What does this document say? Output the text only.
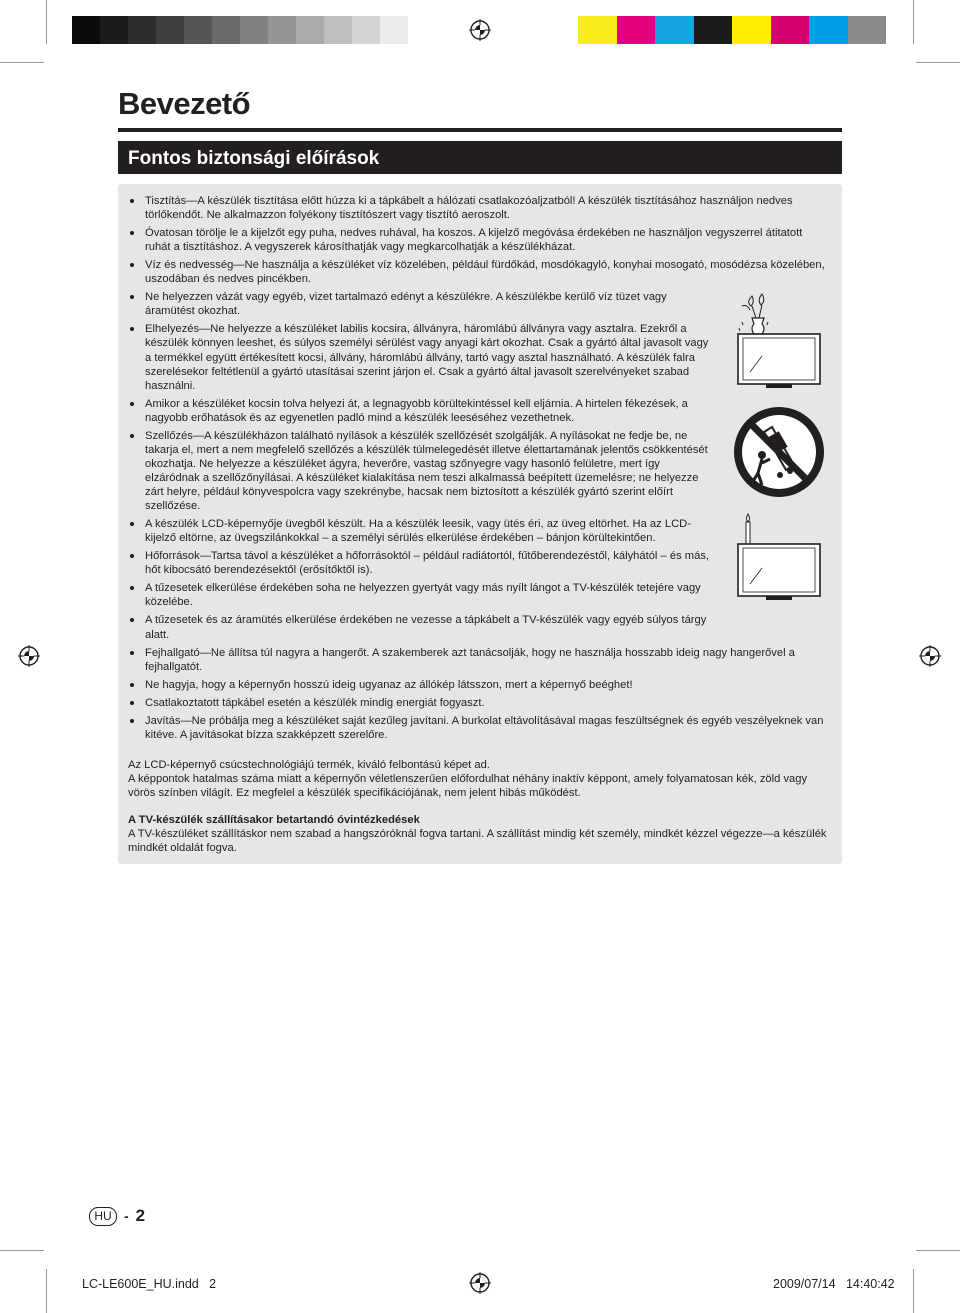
Bevezető
Fontos biztonsági előírások
Tisztítás—A készülék tisztítása előtt húzza ki a tápkábelt a hálózati csatlakozóaljzatból! A készülék tisztításához használjon nedves törlőkendőt. Ne alkalmazzon folyékony tisztítószert vagy tisztító aeroszolt.
Óvatosan törölje le a kijelzőt egy puha, nedves ruhával, ha koszos. A kijelző megóvása érdekében ne használjon vegyszerrel átitatott ruhát a tisztításhoz. A vegyszerek károsíthatják vagy megkarcolhatják a készülékházat.
Víz és nedvesség—Ne használja a készüléket víz közelében, például fürdőkád, mosdókagyló, konyhai mosogató, mosódézsa közelében, uszodában és nedves pincékben.
Ne helyezzen vázát vagy egyéb, vizet tartalmazó edényt a készülékre. A készülékbe kerülő víz tüzet vagy áramütést okozhat.
Elhelyezés—Ne helyezze a készüléket labilis kocsira, állványra, háromlábú állványra vagy asztalra. Ezekről a készülék könnyen leeshet, és súlyos személyi sérülést vagy anyagi kárt okozhat. Csak a gyártó által javasolt vagy a termékkel együtt értékesített kocsi, állvány, háromlábú állvány, tartó vagy asztal használható. A készülék falra szerelésekor feltétlenül a gyártó utasításai szerint járjon el. Csak a gyártó által javasolt szerelvényeket szabad használni.
Amikor a készüléket kocsin tolva helyezi át, a legnagyobb körültekintéssel kell eljárnia. A hirtelen fékezések, a nagyobb erőhatások és az egyenetlen padló mind a készülék leeséséhez vezethetnek.
Szellőzés—A készülékházon található nyílások a készülék szellőzését szolgálják. A nyílásokat ne fedje be, ne takarja el, mert a nem megfelelő szellőzés a készülék túlmelegedését illetve élettartamának jelentős csökkentését okozhatja. Ne helyezze a készüléket ágyra, heverőre, vastag szőnyegre vagy hasonló felületre, mert így elzáródnak a szellőzőnyílásai. A készüléket kialakítása nem teszi alkalmassá beépített üzemelésre; ne helyezze zárt helyre, például könyvespolcra vagy szekrénybe, hacsak nem biztosított a készülék gyártó szerint előírt szellőzése.
A készülék LCD-képernyője üvegből készült. Ha a készülék leesik, vagy ütés éri, az üveg eltörhet. Ha az LCD-kijelző eltörne, az üvegszilánkokkal – a személyi sérülés elkerülése érdekében – bánjon körültekintően.
Hőforrások—Tartsa távol a készüléket a hőforrásoktól – például radiátortól, fűtőberendezéstől, kályhától – és más, hőt kibocsátó berendezésektől (erősítőktől is).
A tűzesetek elkerülése érdekében soha ne helyezzen gyertyát vagy más nyílt lángot a TV-készülék tetejére vagy közelébe.
A tűzesetek és az áramütés elkerülése érdekében ne vezesse a tápkábelt a TV-készülék vagy egyéb súlyos tárgy alatt.
Fejhallgató—Ne állítsa túl nagyra a hangerőt. A szakemberek azt tanácsolják, hogy ne használja hosszabb ideig nagy hangerővel a fejhallgatót.
Ne hagyja, hogy a képernyőn hosszú ideig ugyanaz az állókép látsszon, mert a képernyő beéghet!
Csatlakoztatott tápkábel esetén a készülék mindig energiát fogyaszt.
Javítás—Ne próbálja meg a készüléket saját kezűleg javítani. A burkolat eltávolításával magas feszültségnek és egyéb veszélyeknek van kitéve. A javításokat bízza szakképzett szerelőre.

Az LCD-képernyő csúcstechnológiájú termék, kiváló felbontású képet ad.

A képpontok hatalmas száma miatt a képernyőn véletlenszerűen előfordulhat néhány inaktív képpont, amely folyamatosan kék, zöld vagy vörös színben világít. Ez megfelel a készülék specifikációjának, nem jelent hibás működést.

A TV-készülék szállításakor betartandó óvintézkedések

A TV-készüléket szállításkor nem szabad a hangszóróknál fogva tartani. A szállítást mindig két személy, mindkét kézzel végezze—a készülék mindkét oldalát fogva.

HU - 2
LC-LE600E_HU.indd   2	2009/07/14   14:40:42
